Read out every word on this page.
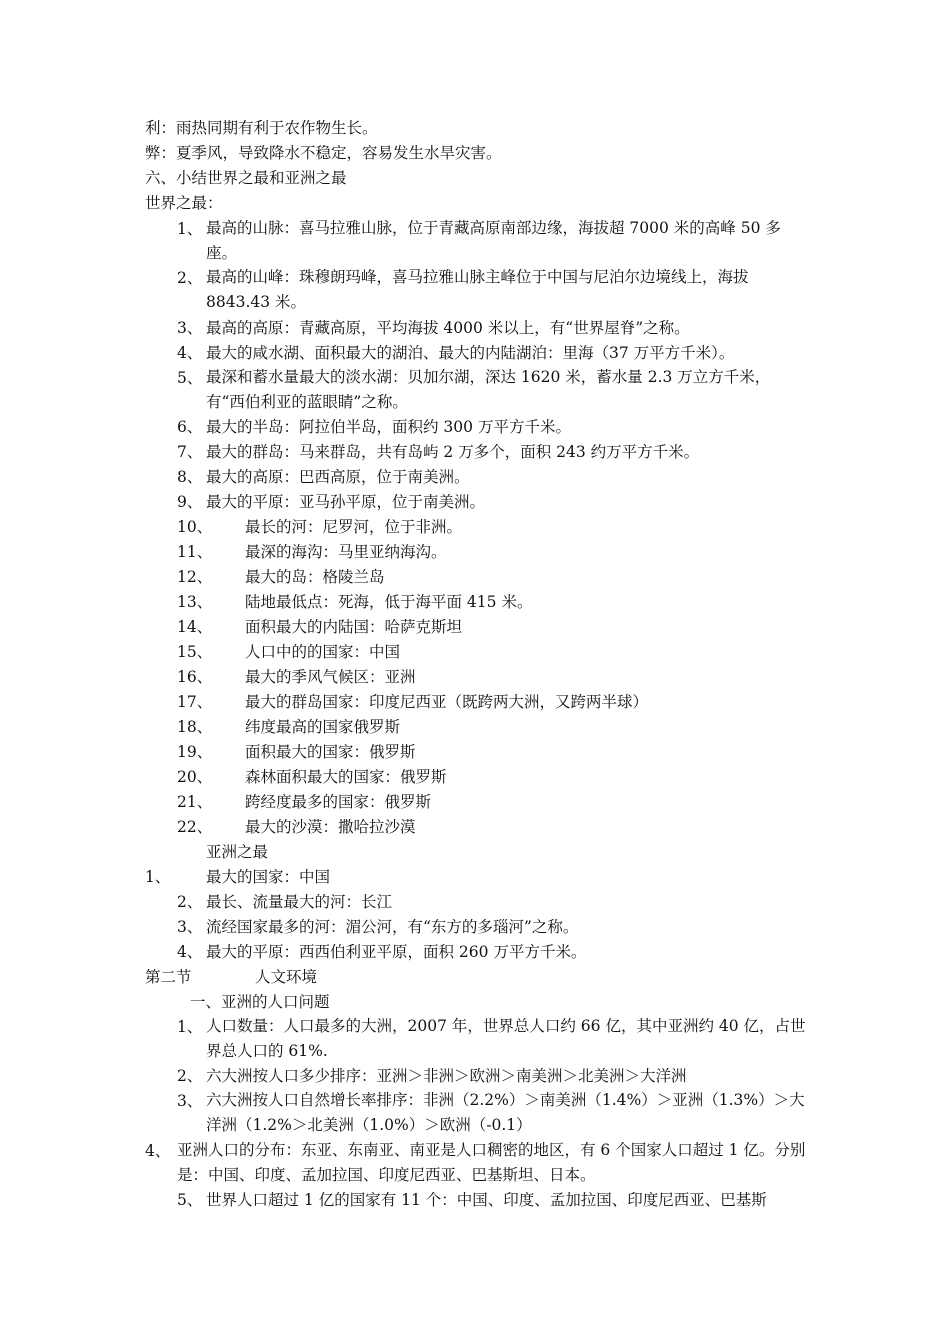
利：雨热同期有利于农作物生长。
弊：夏季风，导致降水不稳定，容易发生水旱灾害。
六、小结世界之最和亚洲之最
世界之最：
1、 最高的山脉：喜马拉雅山脉，位于青藏高原南部边缘，海拔超 7000 米的高峰 50 多座。
2、 最高的山峰：珠穆朗玛峰，喜马拉雅山脉主峰位于中国与尼泊尔边境线上，海拔 8843.43 米。
3、 最高的高原：青藏高原，平均海拔 4000 米以上，有“世界屋脊”之称。
4、 最大的咸水湖、面积最大的湖泊、最大的内陆湖泊：里海（37 万平方千米）。
5、 最深和蓄水量最大的淡水湖：贝加尔湖，深达 1620 米，蓄水量 2.3 万立方千米，有“西伯利亚的蓝眼睛”之称。
6、 最大的半岛：阿拉伯半岛，面积约 300 万平方千米。
7、 最大的群岛：马来群岛，共有岛屿 2 万多个，面积 243 约万平方千米。
8、 最大的高原：巴西高原，位于南美洲。
9、 最大的平原：亚马孙平原，位于南美洲。
10、 最长的河：尼罗河，位于非洲。
11、 最深的海沟：马里亚纳海沟。
12、 最大的岛：格陵兰岛
13、 陆地最低点：死海，低于海平面 415 米。
14、 面积最大的内陆国：哈萨克斯坦
15、 人口中的的国家：中国
16、 最大的季风气候区：亚洲
17、 最大的群岛国家：印度尼西亚（既跨两大洲，又跨两半球）
18、 纬度最高的国家俄罗斯
19、 面积最大的国家：俄罗斯
20、 森林面积最大的国家：俄罗斯
21、 跨经度最多的国家：俄罗斯
22、 最大的沙漠：撒哈拉沙漠
亚洲之最
1、 最大的国家：中国
2、 最长、流量最大的河：长江
3、 流经国家最多的河：湄公河，有“东方的多瑙河”之称。
4、 最大的平原：西西伯利亚平原，面积 260 万平方千米。
第二节	人文环境
一、亚洲的人口问题
1、 人口数量：人口最多的大洲，2007 年，世界总人口约 66 亿，其中亚洲约 40 亿，占世界总人口的 61%.
2、 六大洲按人口多少排序：亚洲＞非洲＞欧洲＞南美洲＞北美洲＞大洋洲
3、 六大洲按人口自然增长率排序：非洲（2.2%）＞南美洲（1.4%）＞亚洲（1.3%）＞大洋洲（1.2%＞北美洲（1.0%）＞欧洲（-0.1）
4、 亚洲人口的分布：东亚、东南亚、南亚是人口稠密的地区，有 6 个国家人口超过 1 亿。分别是：中国、印度、孟加拉国、印度尼西亚、巴基斯坦、日本。
5、 世界人口超过 1 亿的国家有 11 个：中国、印度、孟加拉国、印度尼西亚、巴基斯
